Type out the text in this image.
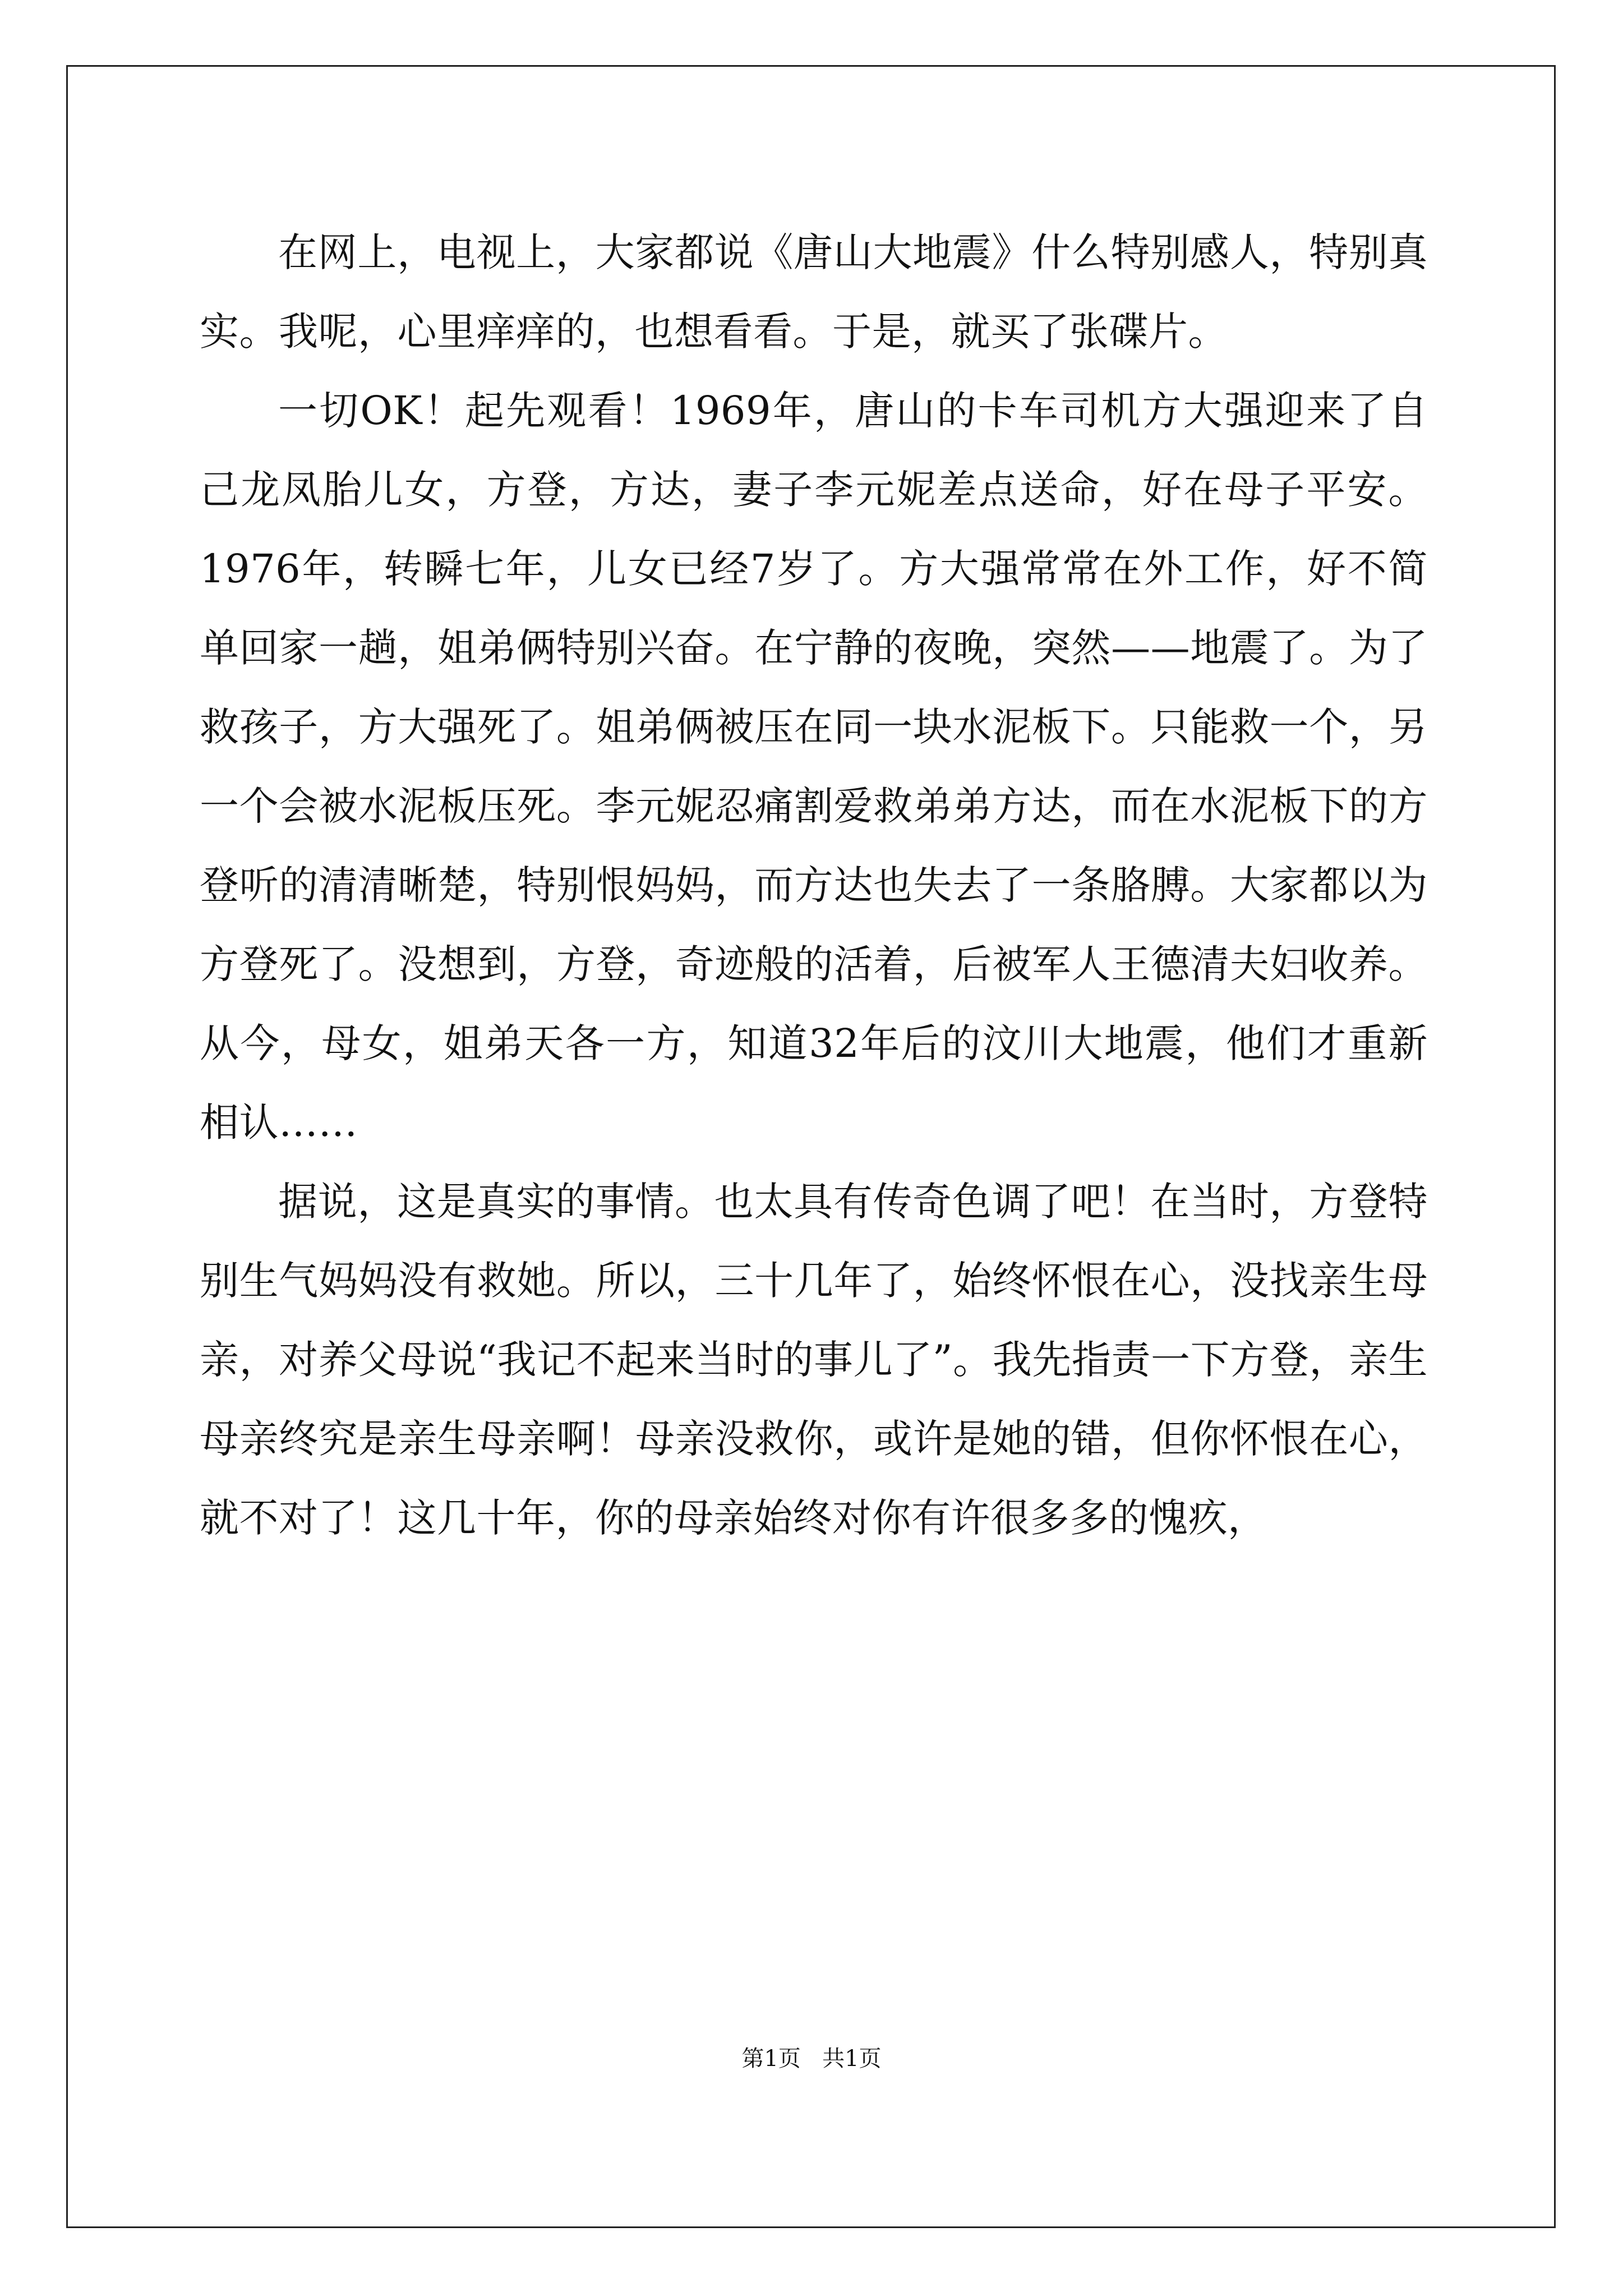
在网上，电视上，大家都说《唐山大地震》什么特别感人，特别真实。我呢，心里痒痒的，也想看看。于是，就买了张碟片。

一切OK！起先观看！1969年，唐山的卡车司机方大强迎来了自己龙凤胎儿女，方登，方达，妻子李元妮差点送命，好在母子平安。1976年，转瞬七年，儿女已经7岁了。方大强常常在外工作，好不简单回家一趟，姐弟俩特别兴奋。在宁静的夜晚，突然——地震了。为了救孩子，方大强死了。姐弟俩被压在同一块水泥板下。只能救一个，另一个会被水泥板压死。李元妮忍痛割爱救弟弟方达，而在水泥板下的方登听的清清晰楚，特别恨妈妈，而方达也失去了一条胳膊。大家都以为方登死了。没想到，方登，奇迹般的活着，后被军人王德清夫妇收养。从今，母女，姐弟天各一方，知道32年后的汶川大地震，他们才重新相认……

据说，这是真实的事情。也太具有传奇色调了吧！在当时，方登特别生气妈妈没有救她。所以，三十几年了，始终怀恨在心，没找亲生母亲，对养父母说“我记不起来当时的事儿了”。我先指责一下方登，亲生母亲终究是亲生母亲啊！母亲没救你，或许是她的错，但你怀恨在心，就不对了！这几十年，你的母亲始终对你有许很多多的愧疚，

第1页 共1页
